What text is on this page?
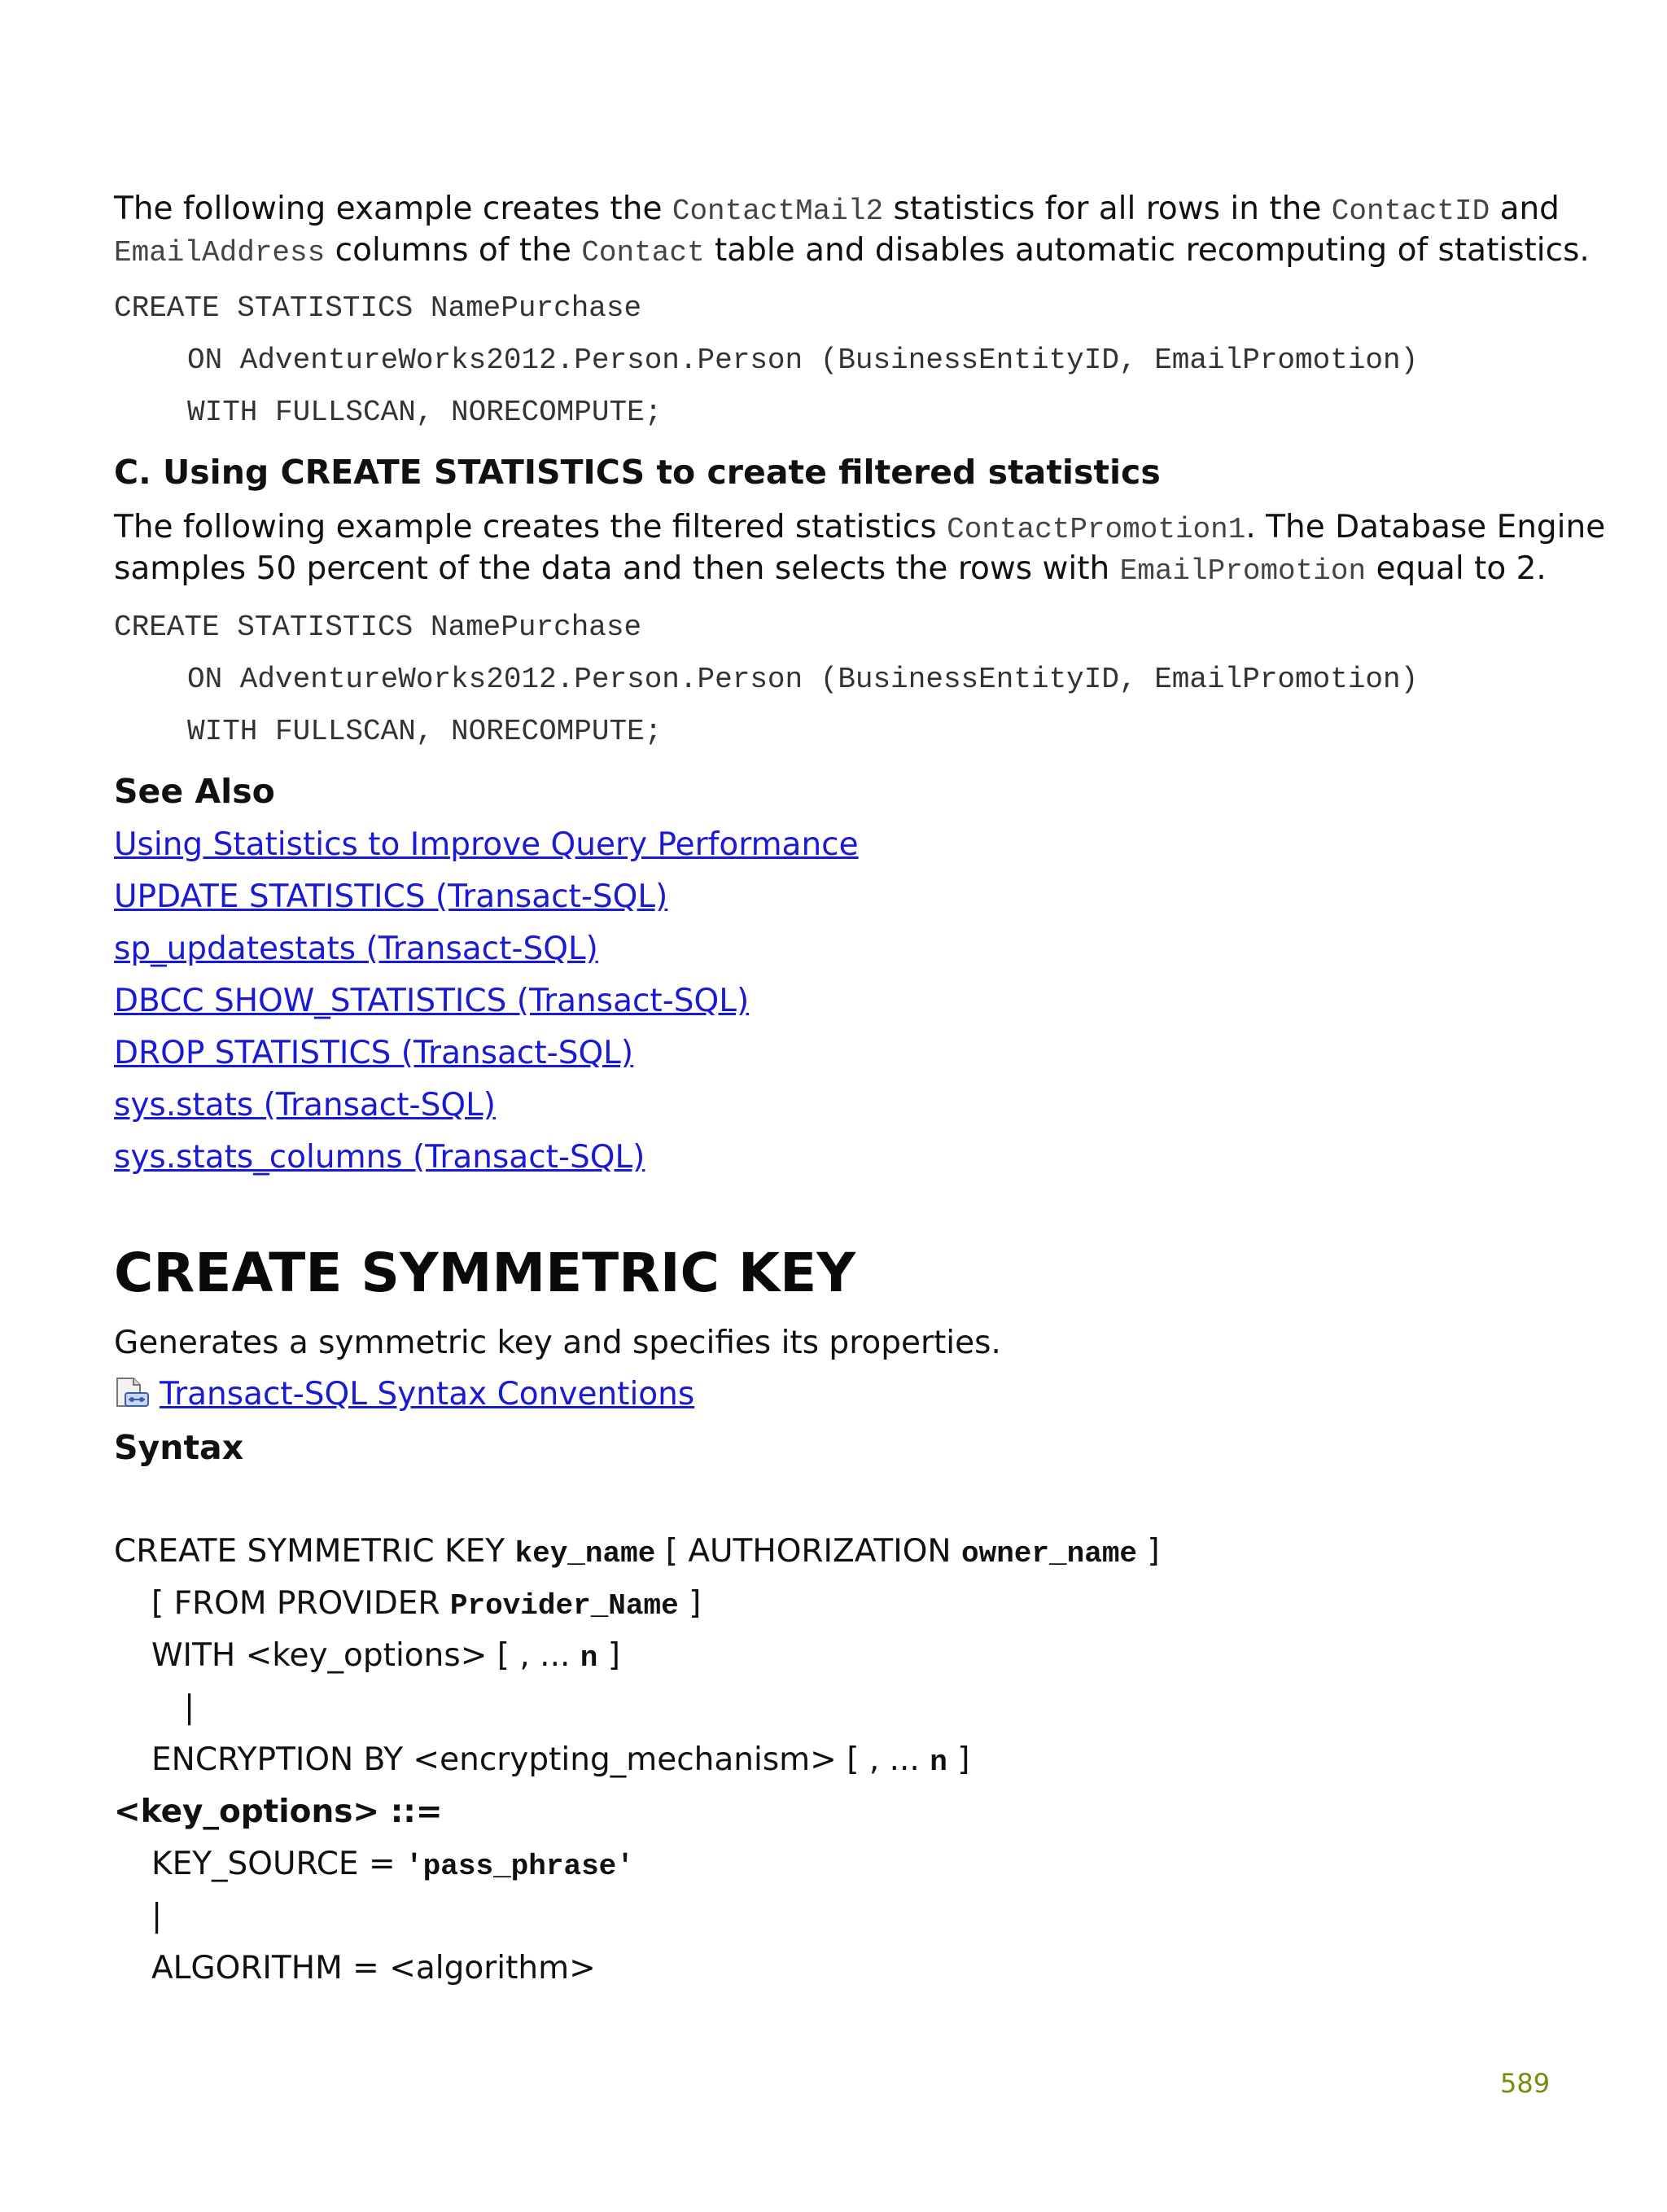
The following example creates the ContactMail2 statistics for all rows in the ContactID and
EmailAddress columns of the Contact table and disables automatic recomputing of statistics.
CREATE STATISTICS NamePurchase
ON AdventureWorks2012.Person.Person (BusinessEntityID, EmailPromotion)
WITH FULLSCAN, NORECOMPUTE;
C. Using CREATE STATISTICS to create filtered statistics
The following example creates the filtered statistics ContactPromotion1. The Database Engine
samples 50 percent of the data and then selects the rows with EmailPromotion equal to 2.
CREATE STATISTICS NamePurchase
ON AdventureWorks2012.Person.Person (BusinessEntityID, EmailPromotion)
WITH FULLSCAN, NORECOMPUTE;
See Also
Using Statistics to Improve Query Performance
UPDATE STATISTICS (Transact-SQL)
sp_updatestats (Transact-SQL)
DBCC SHOW_STATISTICS (Transact-SQL)
DROP STATISTICS (Transact-SQL)
sys.stats (Transact-SQL)
sys.stats_columns (Transact-SQL)
CREATE SYMMETRIC KEY
Generates a symmetric key and specifies its properties.
Transact-SQL Syntax Conventions
Syntax
CREATE SYMMETRIC KEY key_name [ AUTHORIZATION owner_name ]
[ FROM PROVIDER Provider_Name ]
WITH <key_options> [ , ... n ]
|
ENCRYPTION BY <encrypting_mechanism> [ , ... n ]
<key_options> ::=
KEY_SOURCE = 'pass_phrase'
|
ALGORITHM = <algorithm>
589
